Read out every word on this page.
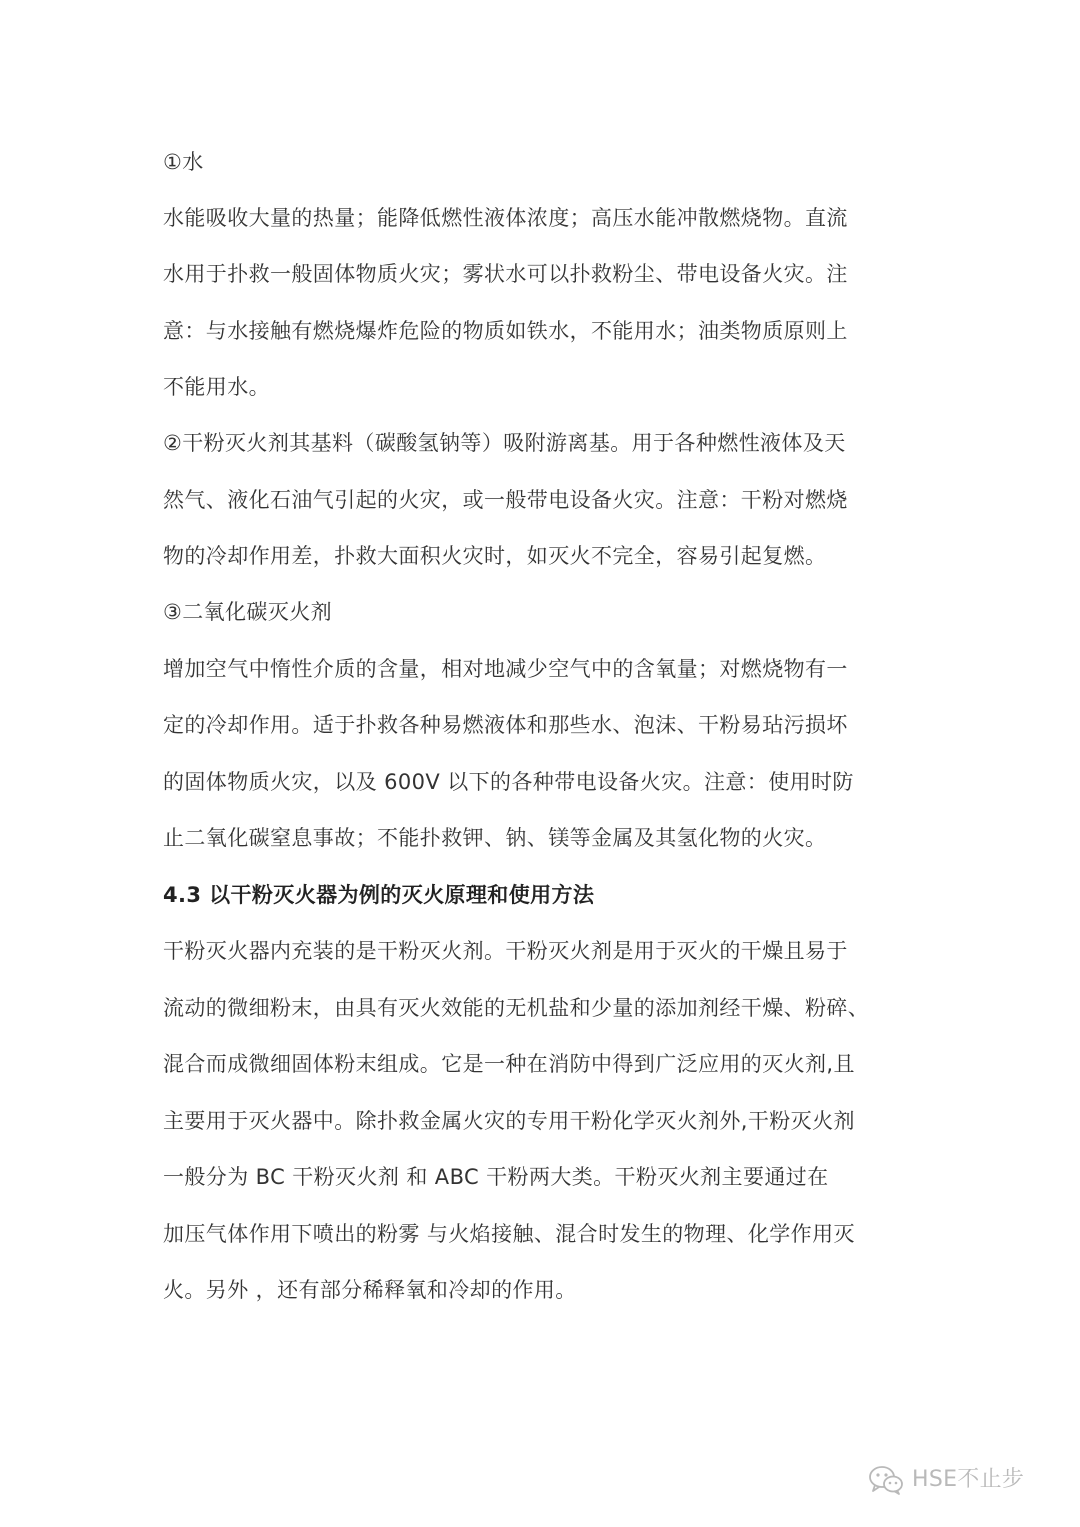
①水
水能吸收大量的热量；能降低燃性液体浓度；高压水能冲散燃烧物。直流
水用于扑救一般固体物质火灾；雾状水可以扑救粉尘、带电设备火灾。注
意：与水接触有燃烧爆炸危险的物质如铁水，不能用水；油类物质原则上
不能用水。
②干粉灭火剂其基料（碳酸氢钠等）吸附游离基。用于各种燃性液体及天
然气、液化石油气引起的火灾，或一般带电设备火灾。注意：干粉对燃烧
物的冷却作用差，扑救大面积火灾时，如灭火不完全，容易引起复燃。
③二氧化碳灭火剂
增加空气中惰性介质的含量，相对地减少空气中的含氧量；对燃烧物有一
定的冷却作用。适于扑救各种易燃液体和那些水、泡沫、干粉易玷污损坏
的固体物质火灾，以及 600V 以下的各种带电设备火灾。注意：使用时防
止二氧化碳窒息事故；不能扑救钾、钠、镁等金属及其氢化物的火灾。
4.3 以干粉灭火器为例的灭火原理和使用方法
干粉灭火器内充装的是干粉灭火剂。干粉灭火剂是用于灭火的干燥且易于
流动的微细粉末，由具有灭火效能的无机盐和少量的添加剂经干燥、粉碎、
混合而成微细固体粉末组成。它是一种在消防中得到广泛应用的灭火剂,且
主要用于灭火器中。除扑救金属火灾的专用干粉化学灭火剂外,干粉灭火剂
一般分为 BC 干粉灭火剂 和 ABC 干粉两大类。干粉灭火剂主要通过在
加压气体作用下喷出的粉雾 与火焰接触、混合时发生的物理、化学作用灭
火。另外 ，还有部分稀释氧和冷却的作用。
HSE不止步
